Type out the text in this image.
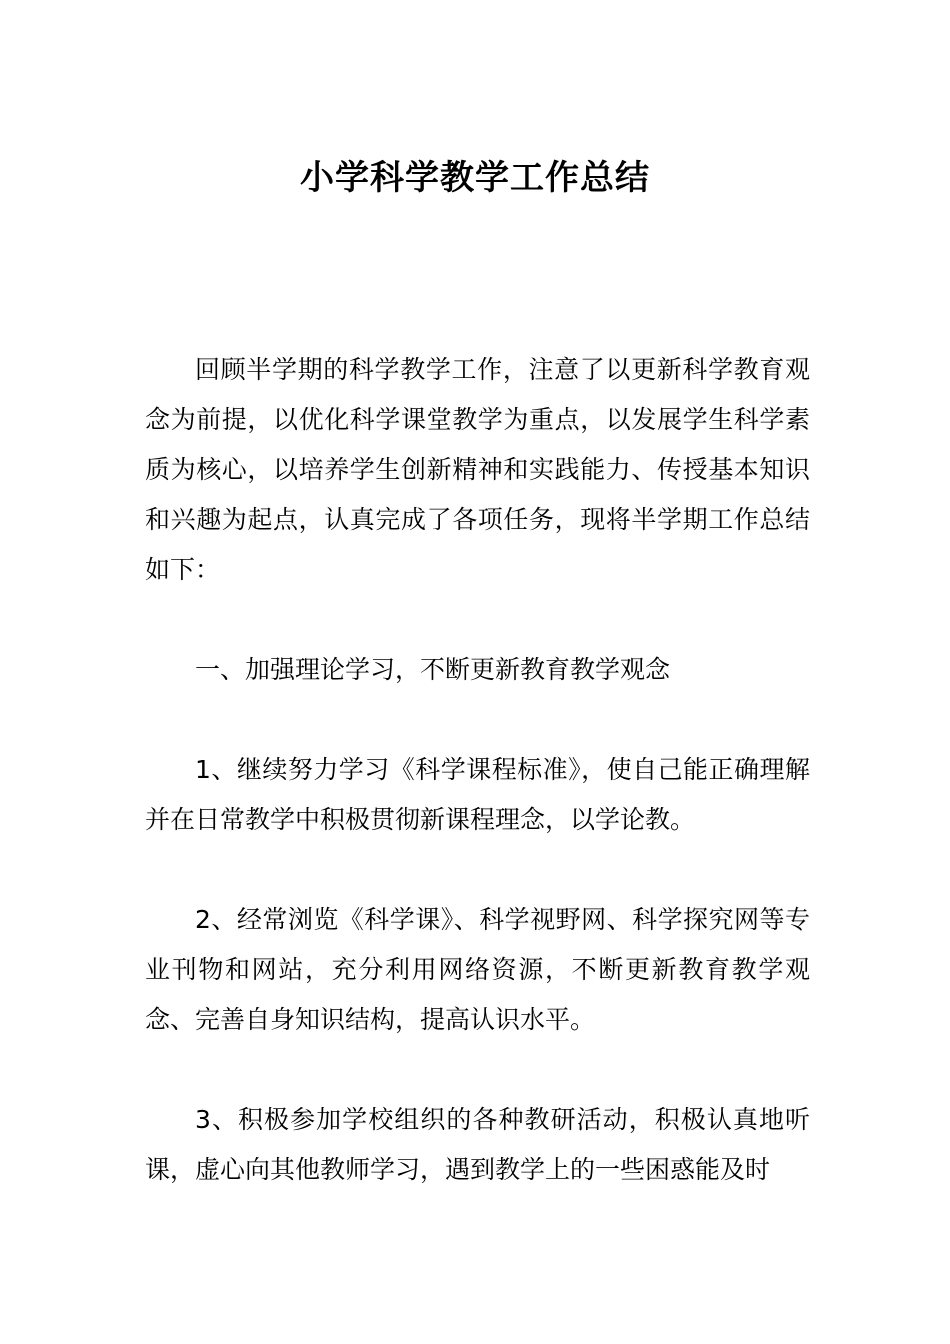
小学科学教学工作总结

回顾半学期的科学教学工作，注意了以更新科学教育观念为前提，以优化科学课堂教学为重点，以发展学生科学素质为核心，以培养学生创新精神和实践能力、传授基本知识和兴趣为起点，认真完成了各项任务，现将半学期工作总结如下：

一、加强理论学习，不断更新教育教学观念

1、继续努力学习《科学课程标准》，使自己能正确理解并在日常教学中积极贯彻新课程理念，以学论教。

2、经常浏览《科学课》、科学视野网、科学探究网等专业刊物和网站，充分利用网络资源，不断更新教育教学观念、完善自身知识结构，提高认识水平。

3、积极参加学校组织的各种教研活动，积极认真地听课，虚心向其他教师学习，遇到教学上的一些困惑能及时
